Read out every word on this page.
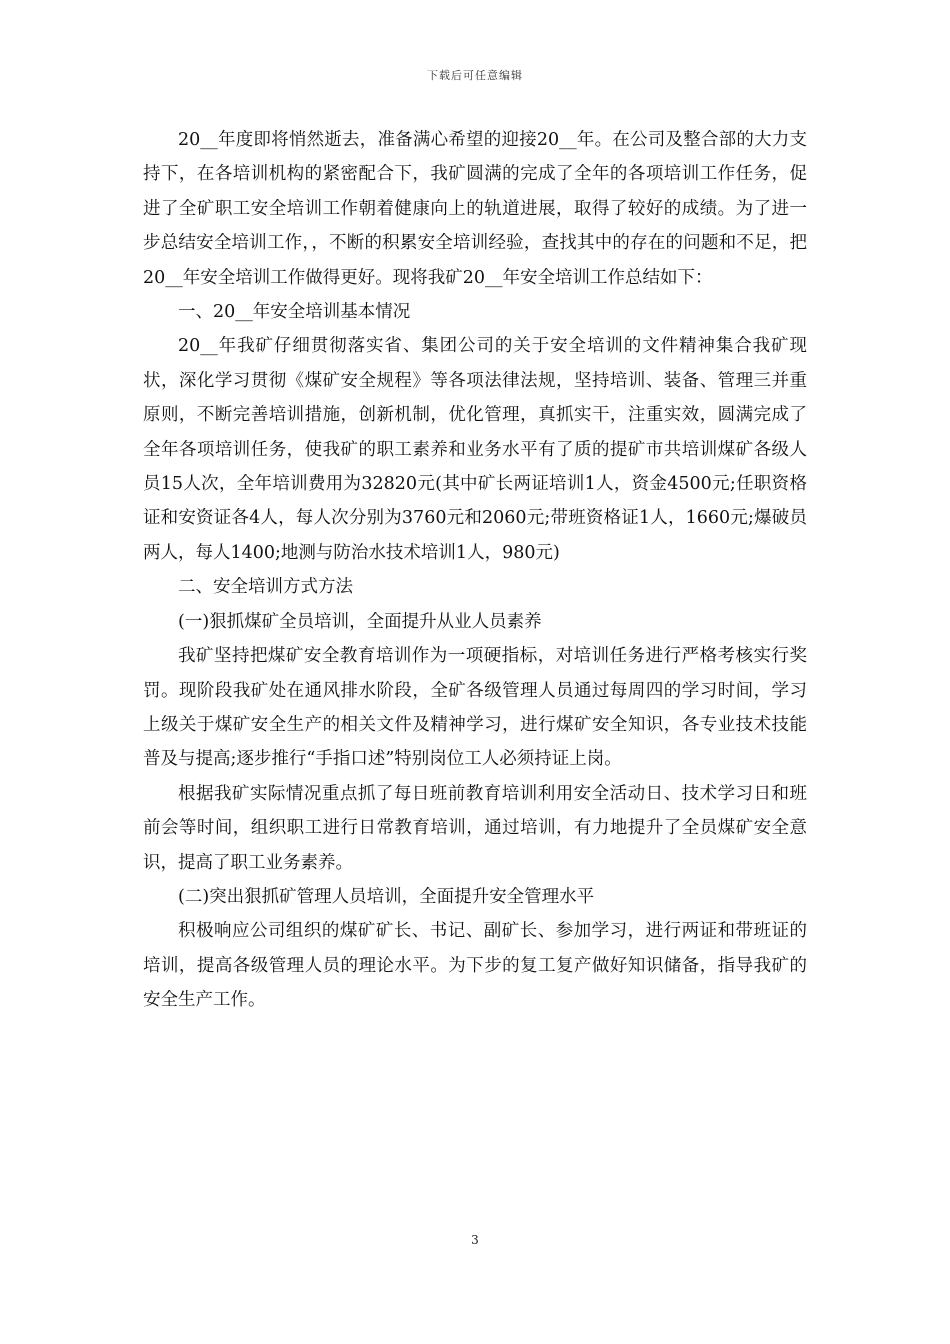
下载后可任意编辑

20__年度即将悄然逝去，准备满心希望的迎接20__年。在公司及整合部的大力支持下，在各培训机构的紧密配合下，我矿圆满的完成了全年的各项培训工作任务，促进了全矿职工安全培训工作朝着健康向上的轨道进展，取得了较好的成绩。为了进一步总结安全培训工作，，不断的积累安全培训经验，查找其中的存在的问题和不足，把20__年安全培训工作做得更好。现将我矿20__年安全培训工作总结如下：

一、20__年安全培训基本情况

20__年我矿仔细贯彻落实省、集团公司的关于安全培训的文件精神集合我矿现状，深化学习贯彻《煤矿安全规程》等各项法律法规，坚持培训、装备、管理三并重原则，不断完善培训措施，创新机制，优化管理，真抓实干，注重实效，圆满完成了全年各项培训任务，使我矿的职工素养和业务水平有了质的提矿市共培训煤矿各级人员15人次，全年培训费用为32820元(其中矿长两证培训1人，资金4500元;任职资格证和安资证各4人，每人次分别为3760元和2060元;带班资格证1人，1660元;爆破员两人，每人1400;地测与防治水技术培训1人，980元)

二、安全培训方式方法

(一)狠抓煤矿全员培训，全面提升从业人员素养

我矿坚持把煤矿安全教育培训作为一项硬指标，对培训任务进行严格考核实行奖罚。现阶段我矿处在通风排水阶段，全矿各级管理人员通过每周四的学习时间，学习上级关于煤矿安全生产的相关文件及精神学习，进行煤矿安全知识，各专业技术技能普及与提高;逐步推行“手指口述”特别岗位工人必须持证上岗。

根据我矿实际情况重点抓了每日班前教育培训利用安全活动日、技术学习日和班前会等时间，组织职工进行日常教育培训，通过培训，有力地提升了全员煤矿安全意识，提高了职工业务素养。

(二)突出狠抓矿管理人员培训，全面提升安全管理水平

积极响应公司组织的煤矿矿长、书记、副矿长、参加学习，进行两证和带班证的培训，提高各级管理人员的理论水平。为下步的复工复产做好知识储备，指导我矿的安全生产工作。

3
